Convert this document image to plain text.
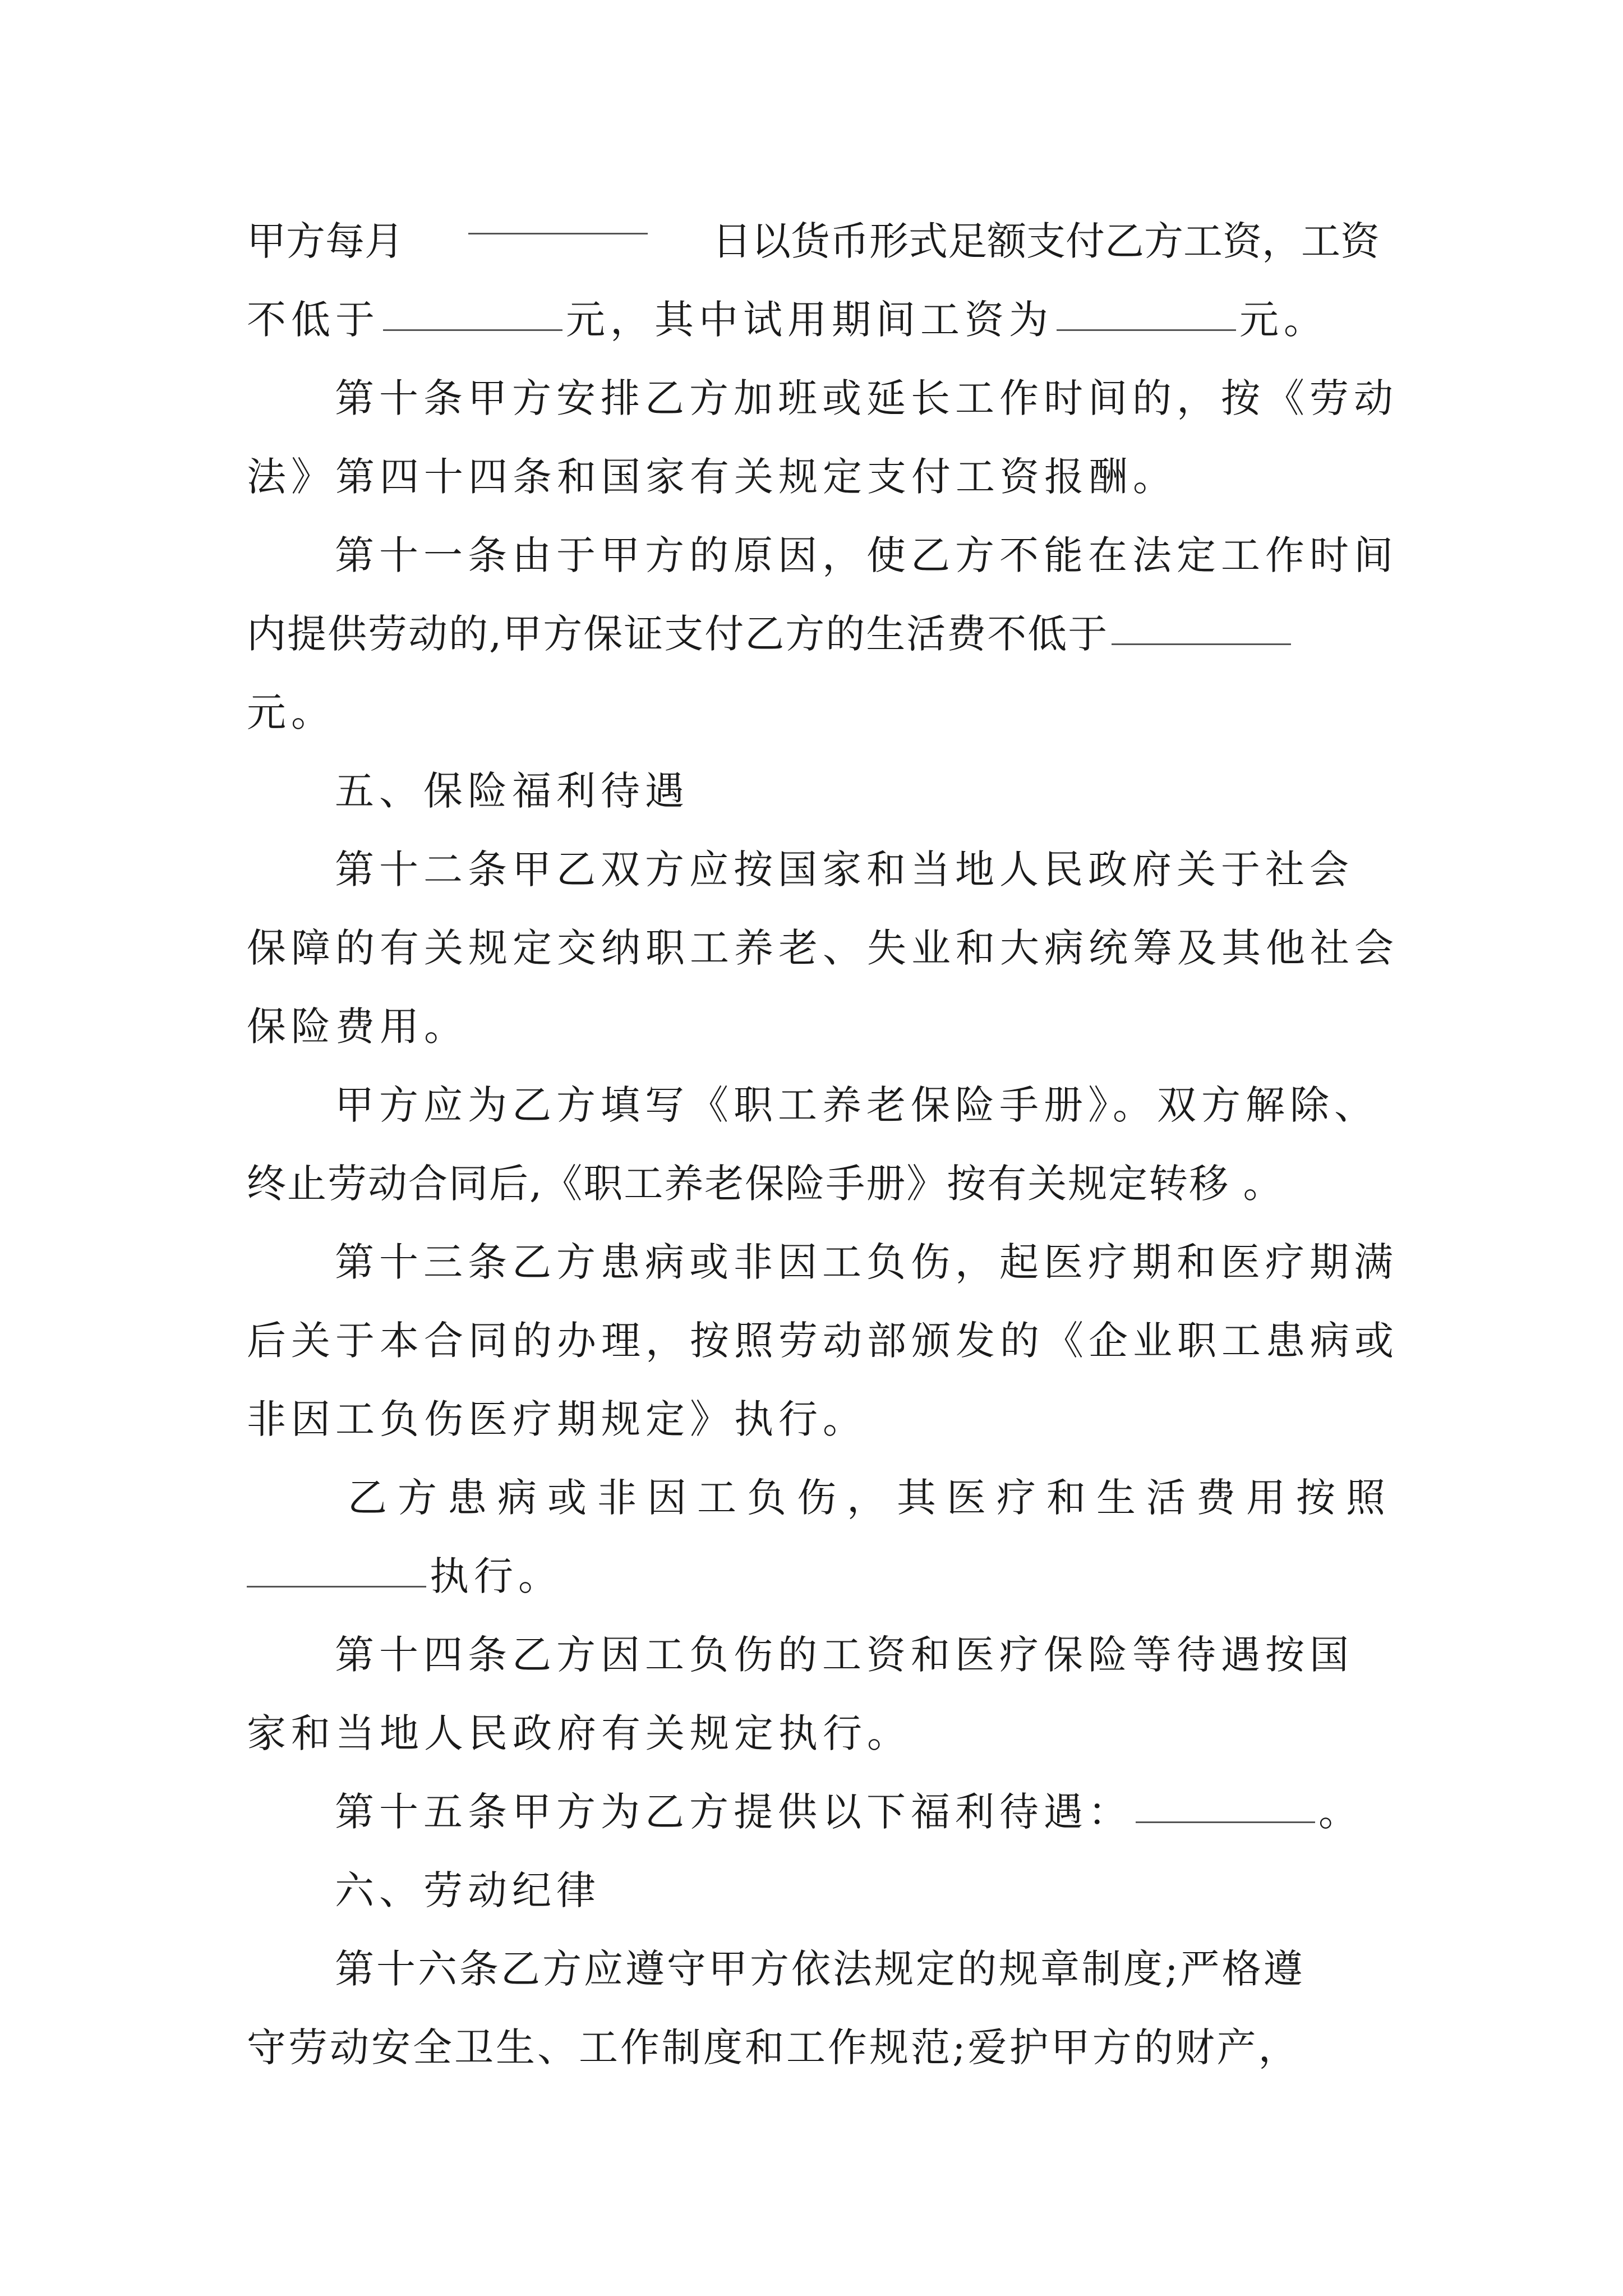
甲方每月	日以货币形式足额支付乙方工资，工资
不低于	元，其中试用期间工资为	元。
第十条甲方安排乙方加班或延长工作时间的，按《劳动
法》第四十四条和国家有关规定支付工资报酬。
第十一条由于甲方的原因，使乙方不能在法定工作时间
内提供劳动的,甲方保证支付乙方的生活费不低于
元。
五、保险福利待遇
第十二条甲乙双方应按国家和当地人民政府关于社会
保障的有关规定交纳职工养老、失业和大病统筹及其他社会
保险费用。
甲方应为乙方填写《职工养老保险手册》。双方解除、
终止劳动合同后,《职工养老保险手册》按有关规定转移 。
第十三条乙方患病或非因工负伤，起医疗期和医疗期满
后关于本合同的办理，按照劳动部颁发的《企业职工患病或
非因工负伤医疗期规定》执行。
乙方患病或非因工负伤，其医疗和生活费用按照
执行。
第十四条乙方因工负伤的工资和医疗保险等待遇按国
家和当地人民政府有关规定执行。
第十五条甲方为乙方提供以下福利待遇：	。
六、劳动纪律
第十六条乙方应遵守甲方依法规定的规章制度;严格遵
守劳动安全卫生、工作制度和工作规范;爱护甲方的财产，
